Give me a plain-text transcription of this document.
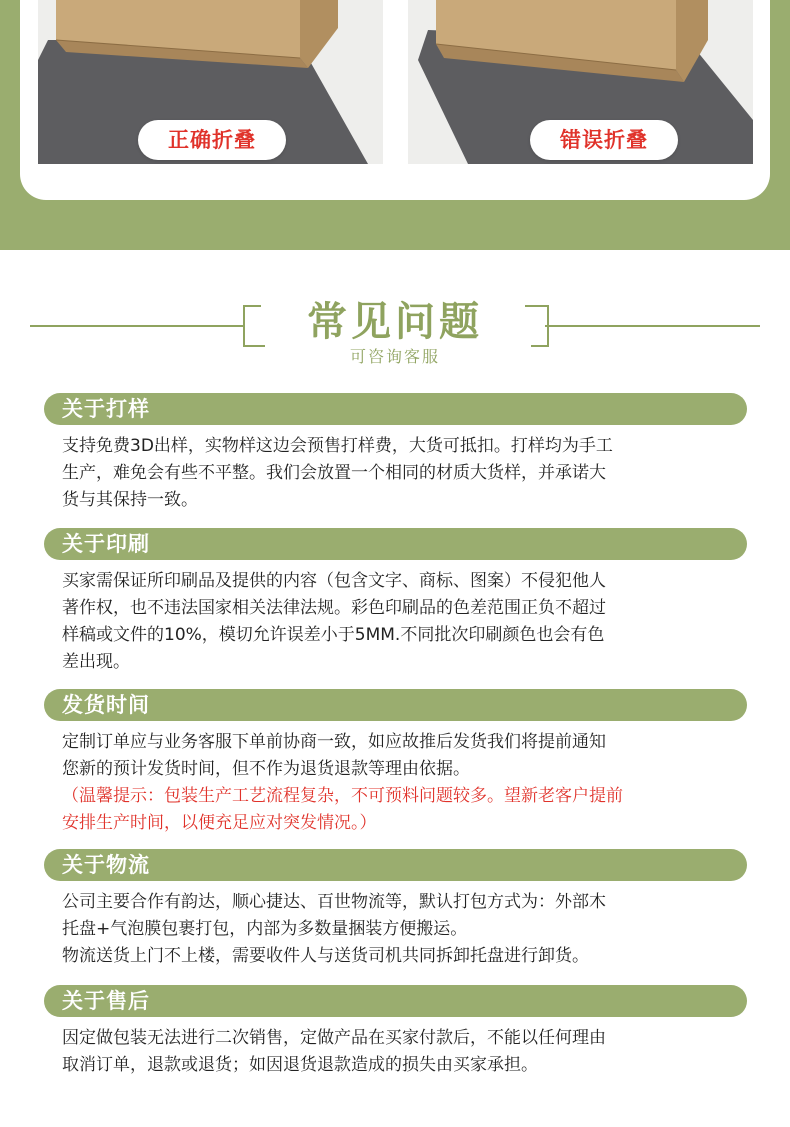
正确折叠	错误折叠
常见问题
可咨询客服
关于打样
支持免费3D出样，实物样这边会预售打样费，大货可抵扣。打样均为手工
生产，难免会有些不平整。我们会放置一个相同的材质大货样，并承诺大
货与其保持一致。
关于印刷
买家需保证所印刷品及提供的内容（包含文字、商标、图案）不侵犯他人
著作权，也不违法国家相关法律法规。彩色印刷品的色差范围正负不超过
样稿或文件的10%，模切允许误差小于5MM.不同批次印刷颜色也会有色
差出现。
发货时间
定制订单应与业务客服下单前协商一致，如应故推后发货我们将提前通知
您新的预计发货时间，但不作为退货退款等理由依据。
（温馨提示：包装生产工艺流程复杂，不可预料问题较多。望新老客户提前
安排生产时间，以便充足应对突发情况。）
关于物流
公司主要合作有韵达，顺心捷达、百世物流等，默认打包方式为：外部木
托盘+气泡膜包裹打包，内部为多数量捆装方便搬运。
物流送货上门不上楼，需要收件人与送货司机共同拆卸托盘进行卸货。
关于售后
因定做包装无法进行二次销售，定做产品在买家付款后，不能以任何理由
取消订单，退款或退货；如因退货退款造成的损失由买家承担。
